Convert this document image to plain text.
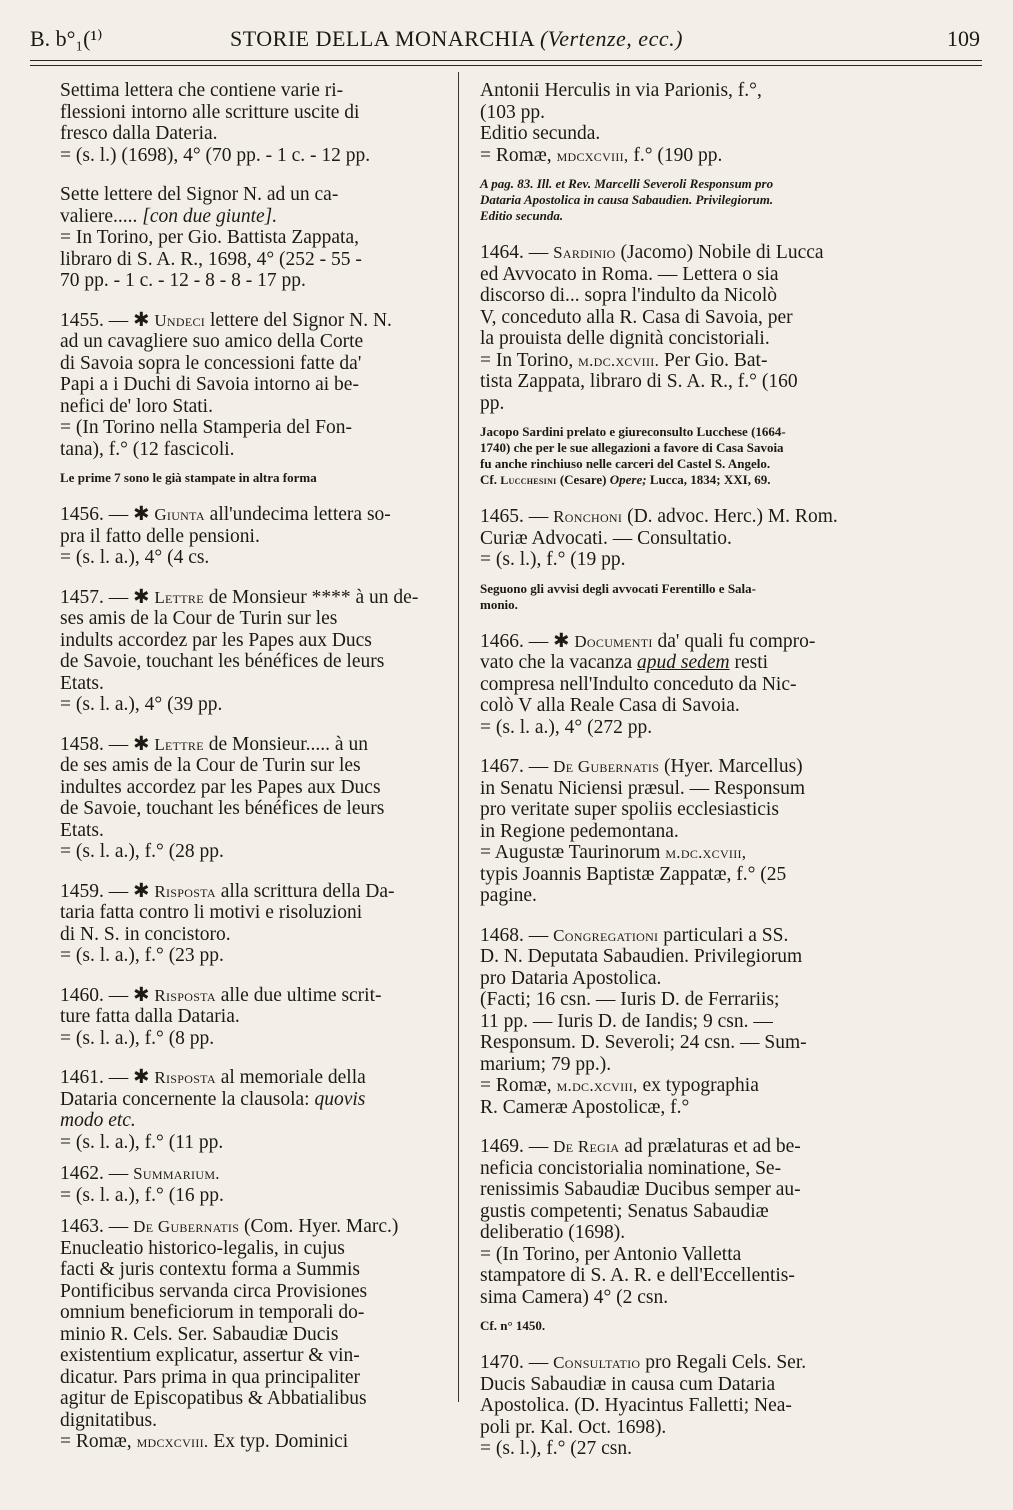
B. b°₁(¹⁾	STORIE DELLA MONARCHIA (Vertenze, ecc.)	109

Settima lettera che contiene varie ri-

flessioni intorno alle scritture uscite di

fresco dalla Dateria.

= (s. l.) (1698), 4° (70 pp. - 1 c. - 12 pp.

Sette lettere del Signor N. ad un ca-

valiere..... [con due giunte].

= In Torino, per Gio. Battista Zappata,

libraro di S. A. R., 1698, 4° (252 - 55 -

70 pp. - 1 c. - 12 - 8 - 8 - 17 pp.

1455. — ✱ Undeci lettere del Signor N. N.

ad un cavagliere suo amico della Corte

di Savoia sopra le concessioni fatte da'

Papi a i Duchi di Savoia intorno ai be-

nefici de' loro Stati.

= (In Torino nella Stamperia del Fon-

tana), f.° (12 fascicoli.

Le prime 7 sono le già stampate in altra forma

1456. — ✱ Giunta all'undecima lettera so-

pra il fatto delle pensioni.

= (s. l. a.), 4° (4 cs.

1457. — ✱ Lettre de Monsieur **** à un de-

ses amis de la Cour de Turin sur les

indults accordez par les Papes aux Ducs

de Savoie, touchant les bénéfices de leurs

Etats.

= (s. l. a.), 4° (39 pp.

1458. — ✱ Lettre de Monsieur..... à un

de ses amis de la Cour de Turin sur les

indultes accordez par les Papes aux Ducs

de Savoie, touchant les bénéfices de leurs

Etats.

= (s. l. a.), f.° (28 pp.

1459. — ✱ Risposta alla scrittura della Da-

taria fatta contro li motivi e risoluzioni

di N. S. in concistoro.

= (s. l. a.), f.° (23 pp.

1460. — ✱ Risposta alle due ultime scrit-

ture fatta dalla Dataria.

= (s. l. a.), f.° (8 pp.

1461. — ✱ Risposta al memoriale della

Dataria concernente la clausola: quovis

modo etc.

= (s. l. a.), f.° (11 pp.

1462. — Summarium.

= (s. l. a.), f.° (16 pp.

1463. — De Gubernatis (Com. Hyer. Marc.)

Enucleatio historico-legalis, in cujus

facti & juris contextu forma a Summis

Pontificibus servanda circa Provisiones

omnium beneficiorum in temporali do-

minio R. Cels. Ser. Sabaudiæ Ducis

existentium explicatur, assertur & vin-

dicatur. Pars prima in qua principaliter

agitur de Episcopatibus & Abbatialibus

dignitatibus.

= Romæ, mdcxcviii. Ex typ. Dominici

Antonii Herculis in via Parionis, f.°,

(103 pp.

Editio secunda.

= Romæ, mdcxcviii, f.° (190 pp.

A pag. 83. Ill. et Rev. Marcelli Severoli Responsum pro

Dataria Apostolica in causa Sabaudien. Privilegiorum.

Editio secunda.

1464. — Sardinio (Jacomo) Nobile di Lucca

ed Avvocato in Roma. — Lettera o sia

discorso di... sopra l'indulto da Nicolò

V, conceduto alla R. Casa di Savoia, per

la prouista delle dignità concistoriali.

= In Torino, m.dc.xcviii. Per Gio. Bat-

tista Zappata, libraro di S. A. R., f.° (160

pp.

Jacopo Sardini prelato e giureconsulto Lucchese (1664-

1740) che per le sue allegazioni a favore di Casa Savoia

fu anche rinchiuso nelle carceri del Castel S. Angelo.

Cf. Lucchesini (Cesare) Opere; Lucca, 1834; XXI, 69.

1465. — Ronchoni (D. advoc. Herc.) M. Rom.

Curiæ Advocati. — Consultatio.

= (s. l.), f.° (19 pp.

Seguono gli avvisi degli avvocati Ferentillo e Sala-

monio.

1466. — ✱ Documenti da' quali fu compro-

vato che la vacanza apud sedem resti

compresa nell'Indulto conceduto da Nic-

colò V alla Reale Casa di Savoia.

= (s. l. a.), 4° (272 pp.

1467. — De Gubernatis (Hyer. Marcellus)

in Senatu Niciensi præsul. — Responsum

pro veritate super spoliis ecclesiasticis

in Regione pedemontana.

= Augustæ Taurinorum m.dc.xcviii,

typis Joannis Baptistæ Zappatæ, f.° (25

pagine.

1468. — Congregationi particulari a SS.

D. N. Deputata Sabaudien. Privilegiorum

pro Dataria Apostolica.

(Facti; 16 csn. — Iuris D. de Ferrariis;

11 pp. — Iuris D. de Iandis; 9 csn. —

Responsum. D. Severoli; 24 csn. — Sum-

marium; 79 pp.).

= Romæ, m.dc.xcviii, ex typographia

R. Cameræ Apostolicæ, f.°

1469. — De Regia ad prælaturas et ad be-

neficia concistorialia nominatione, Se-

renissimis Sabaudiæ Ducibus semper au-

gustis competenti; Senatus Sabaudiæ

deliberatio (1698).

= (In Torino, per Antonio Valletta

stampatore di S. A. R. e dell'Eccellentis-

sima Camera) 4° (2 csn.

Cf. n° 1450.

1470. — Consultatio pro Regali Cels. Ser.

Ducis Sabaudiæ in causa cum Dataria

Apostolica. (D. Hyacintus Falletti; Nea-

poli pr. Kal. Oct. 1698).

= (s. l.), f.° (27 csn.
